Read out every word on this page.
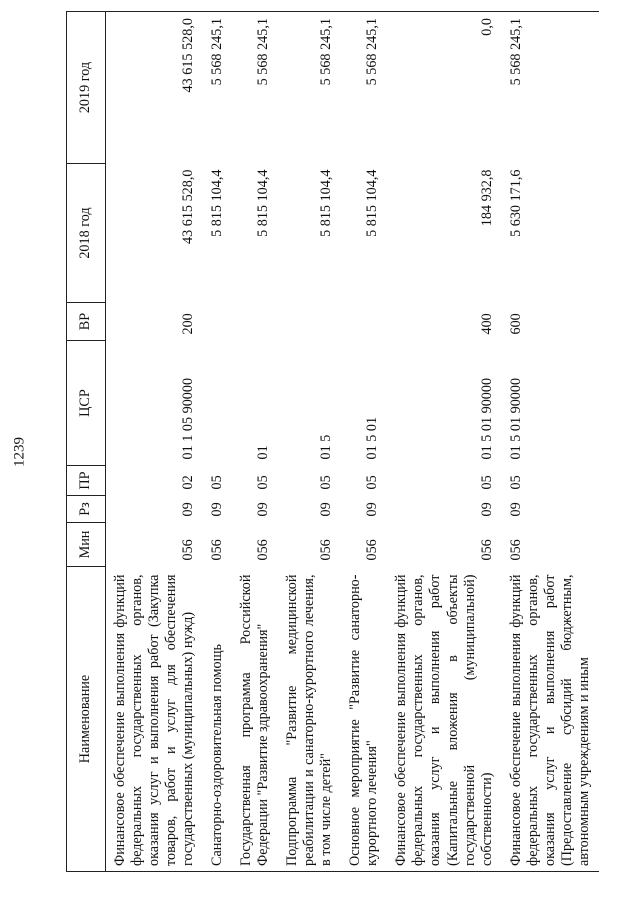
1239
Наименование	Мин	Рз	ПР	ЦСР	ВР	2018 год	2019 год
Финансовое обеспечение выполнения функций федеральных государственных органов, оказания услуг и выполнения работ (Закупка товаров, работ и услуг для обеспечения государственных (муниципальных) нужд)	056	09	02	01 1 05 90000	200	43 615 528,0	43 615 528,0
Санаторно-оздоровительная помощь	056	09	05			5 815 104,4	5 568 245,1
Государственная программа Российской Федерации "Развитие здравоохранения"	056	09	05	01		5 815 104,4	5 568 245,1
Подпрограмма "Развитие медицинской реабилитации и санаторно-курортного лечения, в том числе детей"	056	09	05	01 5		5 815 104,4	5 568 245,1
Основное мероприятие "Развитие санаторно-курортного лечения"	056	09	05	01 5 01		5 815 104,4	5 568 245,1
Финансовое обеспечение выполнения функций федеральных государственных органов, оказания услуг и выполнения работ (Капитальные вложения в объекты государственной (муниципальной) собственности)	056	09	05	01 5 01 90000	400	184 932,8	0,0
Финансовое обеспечение выполнения функций федеральных государственных органов, оказания услуг и выполнения работ (Предоставление субсидий бюджетным, автономным учреждениям и иным	056	09	05	01 5 01 90000	600	5 630 171,6	5 568 245,1
